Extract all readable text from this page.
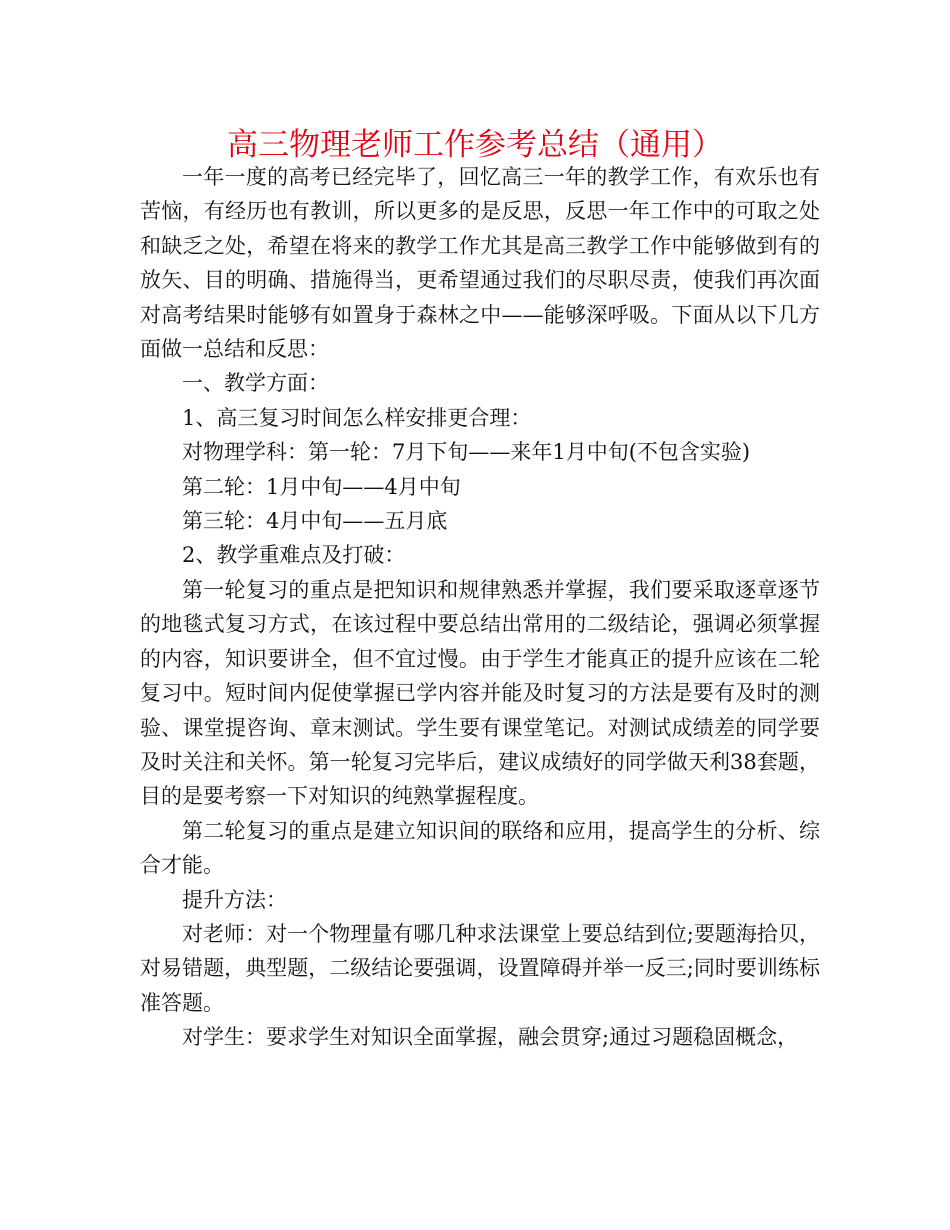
高三物理老师工作参考总结（通用）

一年一度的高考已经完毕了，回忆高三一年的教学工作，有欢乐也有苦恼，有经历也有教训，所以更多的是反思，反思一年工作中的可取之处和缺乏之处，希望在将来的教学工作尤其是高三教学工作中能够做到有的放矢、目的明确、措施得当，更希望通过我们的尽职尽责，使我们再次面对高考结果时能够有如置身于森林之中——能够深呼吸。下面从以下几方面做一总结和反思：

一、教学方面：

1、高三复习时间怎么样安排更合理：

对物理学科：第一轮：7月下旬——来年1月中旬(不包含实验)

第二轮：1月中旬——4月中旬

第三轮：4月中旬——五月底

2、教学重难点及打破：

第一轮复习的重点是把知识和规律熟悉并掌握，我们要采取逐章逐节的地毯式复习方式，在该过程中要总结出常用的二级结论，强调必须掌握的内容，知识要讲全，但不宜过慢。由于学生才能真正的提升应该在二轮复习中。短时间内促使掌握已学内容并能及时复习的方法是要有及时的测验、课堂提咨询、章末测试。学生要有课堂笔记。对测试成绩差的同学要及时关注和关怀。第一轮复习完毕后，建议成绩好的同学做天利38套题，目的是要考察一下对知识的纯熟掌握程度。

第二轮复习的重点是建立知识间的联络和应用，提高学生的分析、综合才能。

提升方法：

对老师：对一个物理量有哪几种求法课堂上要总结到位;要题海拾贝，对易错题，典型题，二级结论要强调，设置障碍并举一反三;同时要训练标准答题。

对学生：要求学生对知识全面掌握，融会贯穿;通过习题稳固概念，
